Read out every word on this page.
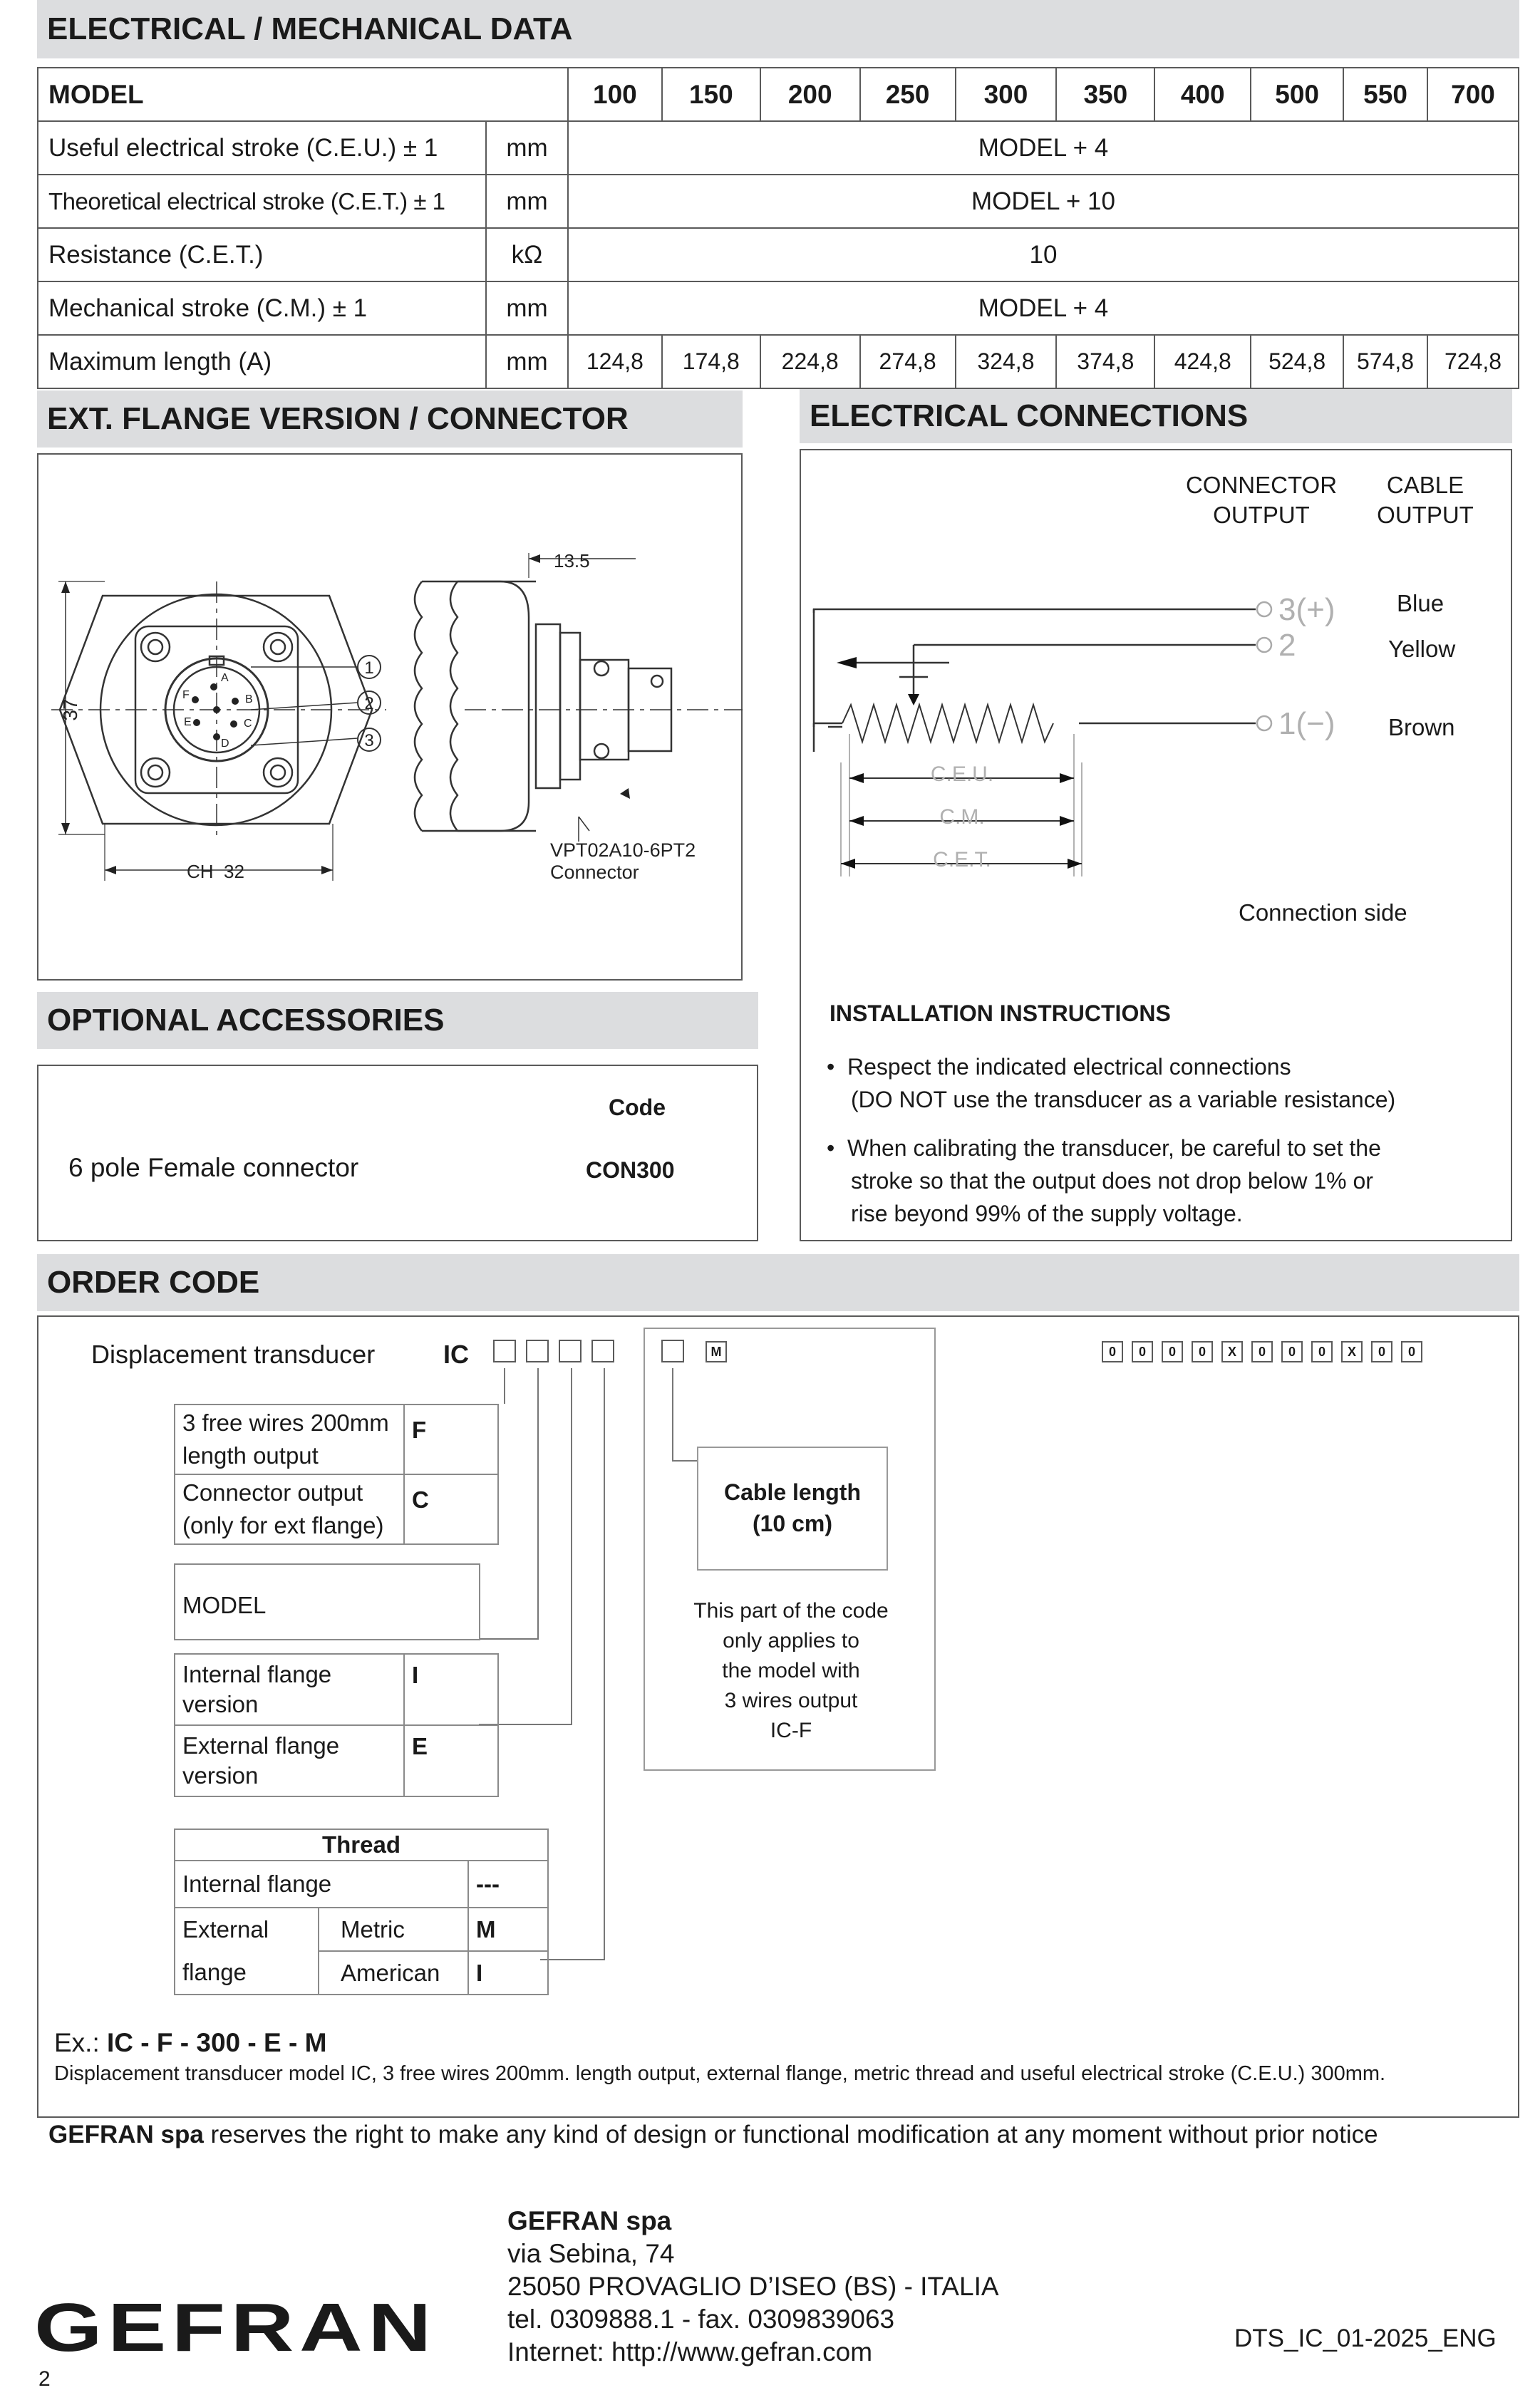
ELECTRICAL / MECHANICAL DATA
MODEL		100	150	200	250	300	350	400	500	550	700
Useful electrical stroke (C.E.U.) ± 1	mm	MODEL + 4									
Theoretical electrical stroke (C.E.T.) ± 1	mm	MODEL + 10									
Resistance (C.E.T.)	kΩ	10									
Mechanical stroke (C.M.) ± 1	mm	MODEL + 4									
Maximum length (A)	mm	124,8	174,8	224,8	274,8	324,8	374,8	424,8	524,8	574,8	724,8
EXT. FLANGE VERSION / CONNECTOR
13.5
37
CH  32
1
2
3
A
B
C
D
E
F
VPT02A10-6PT2
Connector
ELECTRICAL CONNECTIONS
CONNECTOR
OUTPUT
CABLE
OUTPUT
3(+)
2
1(−)
C.E.U.
C.M.
C.E.T.
Blue
Yellow
Brown
Connection side
INSTALLATION INSTRUCTIONS
•  Respect the indicated electrical connections
(DO NOT use the transducer as a variable resistance)
•  When calibrating the transducer, be careful to set the
stroke so that the output does not drop below 1% or
rise beyond 99% of the supply voltage.
OPTIONAL ACCESSORIES
Code
6 pole Female connector	CON300
ORDER CODE
Displacement transducer	IC	M	0	0	0	0	X	0	0	0	X	0	0
3 free wires 200mm
length output	F

Connector output
(only for ext flange)	C
MODEL
Internal flange
version	I

External flange
version	E
Thread		
Internal flange		---

External
flange	Metric	M
	American	I
Cable length
(10 cm)
This part of the code
only applies to
the model with
3 wires output
IC-F
Ex.: IC - F - 300 - E - M
Displacement transducer model IC, 3 free wires 200mm. length output, external flange, metric thread and useful electrical stroke (C.E.U.) 300mm.
GEFRAN spa reserves the right to make any kind of design or functional modification at any moment without prior notice
GEFRAN
GEFRAN spa
via Sebina, 74
25050 PROVAGLIO D’ISEO (BS) - ITALIA
tel. 0309888.1 - fax. 0309839063
Internet: http://www.gefran.com	DTS_IC_01-2025_ENG
2
